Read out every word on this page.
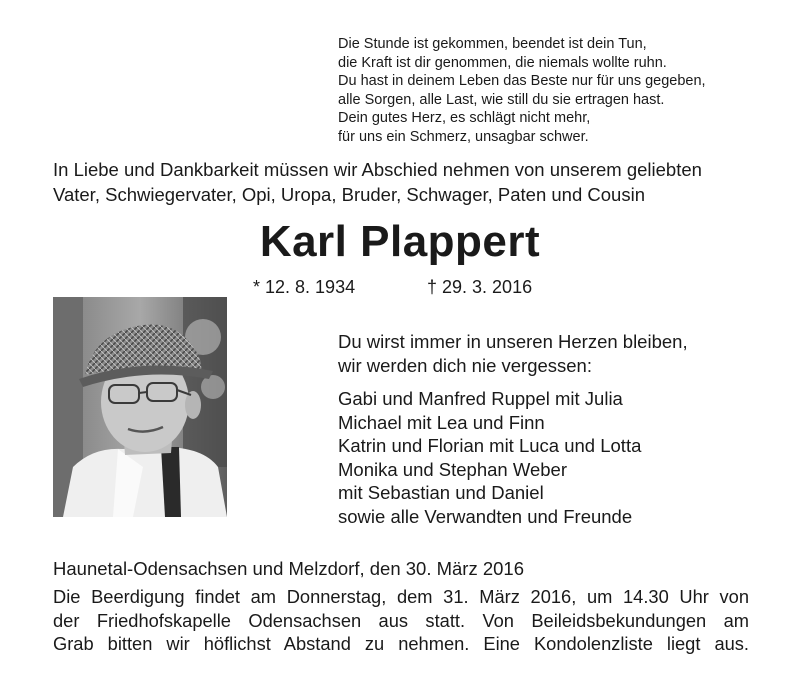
Die Stunde ist gekommen, beendet ist dein Tun,
die Kraft ist dir genommen, die niemals wollte ruhn.
Du hast in deinem Leben das Beste nur für uns gegeben,
alle Sorgen, alle Last, wie still du sie ertragen hast.
Dein gutes Herz, es schlägt nicht mehr,
für uns ein Schmerz, unsagbar schwer.
In Liebe und Dankbarkeit müssen wir Abschied nehmen von unserem geliebten
Vater, Schwiegervater, Opi, Uropa, Bruder, Schwager, Paten und Cousin
Karl Plappert
* 12. 8. 1934	† 29. 3. 2016
Du wirst immer in unseren Herzen bleiben,
wir werden dich nie vergessen:
Gabi und Manfred Ruppel mit Julia
Michael mit Lea und Finn
Katrin und Florian mit Luca und Lotta
Monika und Stephan Weber
mit Sebastian und Daniel
sowie alle Verwandten und Freunde
Haunetal-Odensachsen und Melzdorf, den 30. März 2016
Die Beerdigung findet am Donnerstag, dem 31. März 2016, um 14.30 Uhr von
der Friedhofskapelle Odensachsen aus statt. Von Beileidsbekundungen am
Grab bitten wir höflichst Abstand zu nehmen. Eine Kondolenzliste liegt aus.
